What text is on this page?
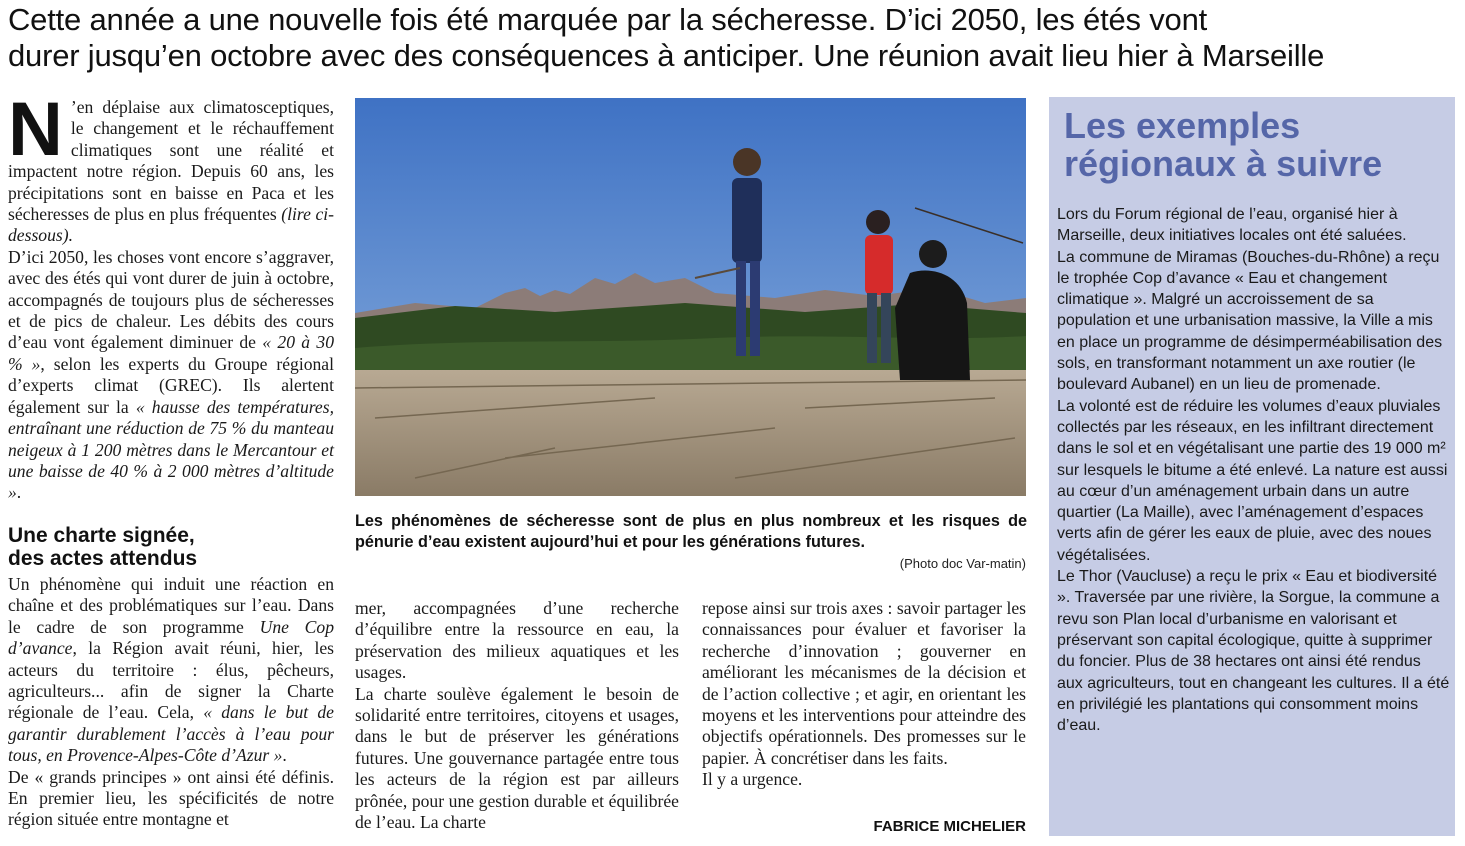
Cette année a une nouvelle fois été marquée par la sécheresse. D’ici 2050, les étés vont
durer jusqu’en octobre avec des conséquences à anticiper. Une réunion avait lieu hier à Marseille

N ’en déplaise aux climatosceptiques, le changement et le réchauffement climatiques sont une réalité et impactent notre région. Depuis 60 ans, les précipitations sont en baisse en Paca et les sécheresses de plus en plus fréquentes (lire ci-dessous).

D’ici 2050, les choses vont encore s’aggraver, avec des étés qui vont durer de juin à octobre, accompagnés de toujours plus de sécheresses et de pics de chaleur. Les débits des cours d’eau vont également diminuer de « 20 à 30 % », selon les experts du Groupe régional d’experts climat (GREC). Ils alertent également sur la « hausse des températures, entraînant une réduction de 75 % du manteau neigeux à 1 200 mètres dans le Mercantour et une baisse de 40 % à 2 000 mètres d’altitude ».

Une charte signée,
des actes attendus

Un phénomène qui induit une réaction en chaîne et des problématiques sur l’eau. Dans le cadre de son programme Une Cop d’avance, la Région avait réuni, hier, les acteurs du territoire : élus, pêcheurs, agriculteurs... afin de signer la Charte régionale de l’eau. Cela, « dans le but de garantir durablement l’accès à l’eau pour tous, en Provence-Alpes-Côte d’Azur ».

De « grands principes » ont ainsi été définis. En premier lieu, les spécificités de notre région située entre montagne et

Les phénomènes de sécheresse sont de plus en plus nombreux et les risques de pénurie d’eau existent aujourd’hui et pour les générations futures.
(Photo doc Var-matin)

mer, accompagnées d’une recherche d’équilibre entre la ressource en eau, la préservation des milieux aquatiques et les usages.

La charte soulève également le besoin de solidarité entre territoires, citoyens et usages, dans le but de préserver les générations futures. Une gouvernance partagée entre tous les acteurs de la région est par ailleurs prônée, pour une gestion durable et équilibrée de l’eau. La charte

repose ainsi sur trois axes : savoir partager les connaissances pour évaluer et favoriser la recherche d’innovation ; gouverner en améliorant les mécanismes de la décision et de l’action collective ; et agir, en orientant les moyens et les interventions pour atteindre des objectifs opérationnels. Des promesses sur le papier. À concrétiser dans les faits.

Il y a urgence.

FABRICE MICHELIER
Les exemples
régionaux à suivre

Lors du Forum régional de l’eau, organisé hier à Marseille, deux initiatives locales ont été saluées.

La commune de Miramas (Bouches-du-Rhône) a reçu le trophée Cop d’avance « Eau et changement climatique ». Malgré un accroissement de sa population et une urbanisation massive, la Ville a mis en place un programme de désimperméabilisation des sols, en transformant notamment un axe routier (le boulevard Aubanel) en un lieu de promenade.

La volonté est de réduire les volumes d’eaux pluviales collectés par les réseaux, en les infiltrant directement dans le sol et en végétalisant une partie des 19 000 m² sur lesquels le bitume a été enlevé. La nature est aussi au cœur d’un aménagement urbain dans un autre quartier (La Maille), avec l’aménagement d’espaces verts afin de gérer les eaux de pluie, avec des noues végétalisées.

Le Thor (Vaucluse) a reçu le prix « Eau et biodiversité ». Traversée par une rivière, la Sorgue, la commune a revu son Plan local d’urbanisme en valorisant et préservant son capital écologique, quitte à supprimer du foncier. Plus de 38 hectares ont ainsi été rendus aux agriculteurs, tout en changeant les cultures. Il a été en privilégié les plantations qui consomment moins d’eau.
